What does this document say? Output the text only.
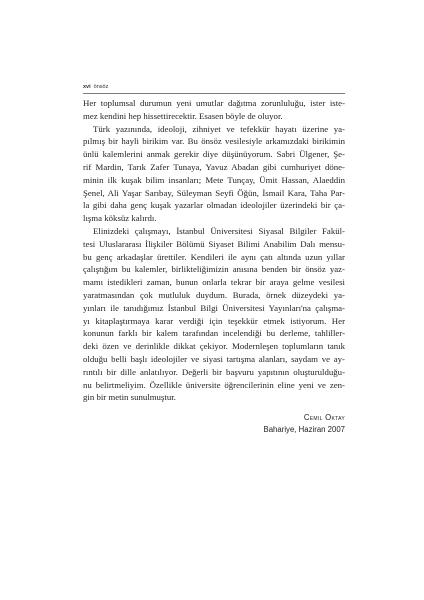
xvi önsöz
Her toplumsal durumun yeni umutlar dağıtma zorunluluğu, ister iste-
mez kendini hep hissettirecektir. Esasen böyle de oluyor.
Türk yazınında, ideoloji, zihniyet ve tefekkür hayatı üzerine ya-
pılmış bir hayli birikim var. Bu önsöz vesilesiyle arkamızdaki birikimin
ünlü kalemlerini anmak gerekir diye düşünüyorum. Sabri Ülgener, Şe-
rif Mardin, Tarık Zafer Tunaya, Yavuz Abadan gibi cumhuriyet döne-
minin ilk kuşak bilim insanları; Mete Tunçay, Ümit Hassan, Alaeddin
Şenel, Ali Yaşar Sarıbay, Süleyman Seyfi Öğün, İsmail Kara, Taha Par-
la gibi daha genç kuşak yazarlar olmadan ideolojiler üzerindeki bir ça-
lışma köksüz kalırdı.
Elinizdeki çalışmayı, İstanbul Üniversitesi Siyasal Bilgiler Fakül-
tesi Uluslararası İlişkiler Bölümü Siyaset Bilimi Anabilim Dalı mensu-
bu genç arkadaşlar ürettiler. Kendileri ile aynı çatı altında uzun yıllar
çalıştığım bu kalemler, birlikteliğimizin anısına benden bir önsöz yaz-
mamı istedikleri zaman, bunun onlarla tekrar bir araya gelme vesilesi
yaratmasından çok mutluluk duydum. Burada, örnek düzeydeki ya-
yınları ile tanıdığımız İstanbul Bilgi Üniversitesi Yayınları'na çalışma-
yı kitaplaştırmaya karar verdiği için teşekkür etmek istiyorum. Her
konunun farklı bir kalem tarafından incelendiği bu derleme, tahliller-
deki özen ve derinlikle dikkat çekiyor. Modernleşen toplumların tanık
olduğu belli başlı ideolojiler ve siyasi tartışma alanları, saydam ve ay-
rıntılı bir dille anlatılıyor. Değerli bir başvuru yapıtının oluşturulduğu-
nu belirtmeliyim. Özellikle üniversite öğrencilerinin eline yeni ve zen-
gin bir metin sunulmuştur.
Cemil Oktay
Bahariye, Haziran 2007
